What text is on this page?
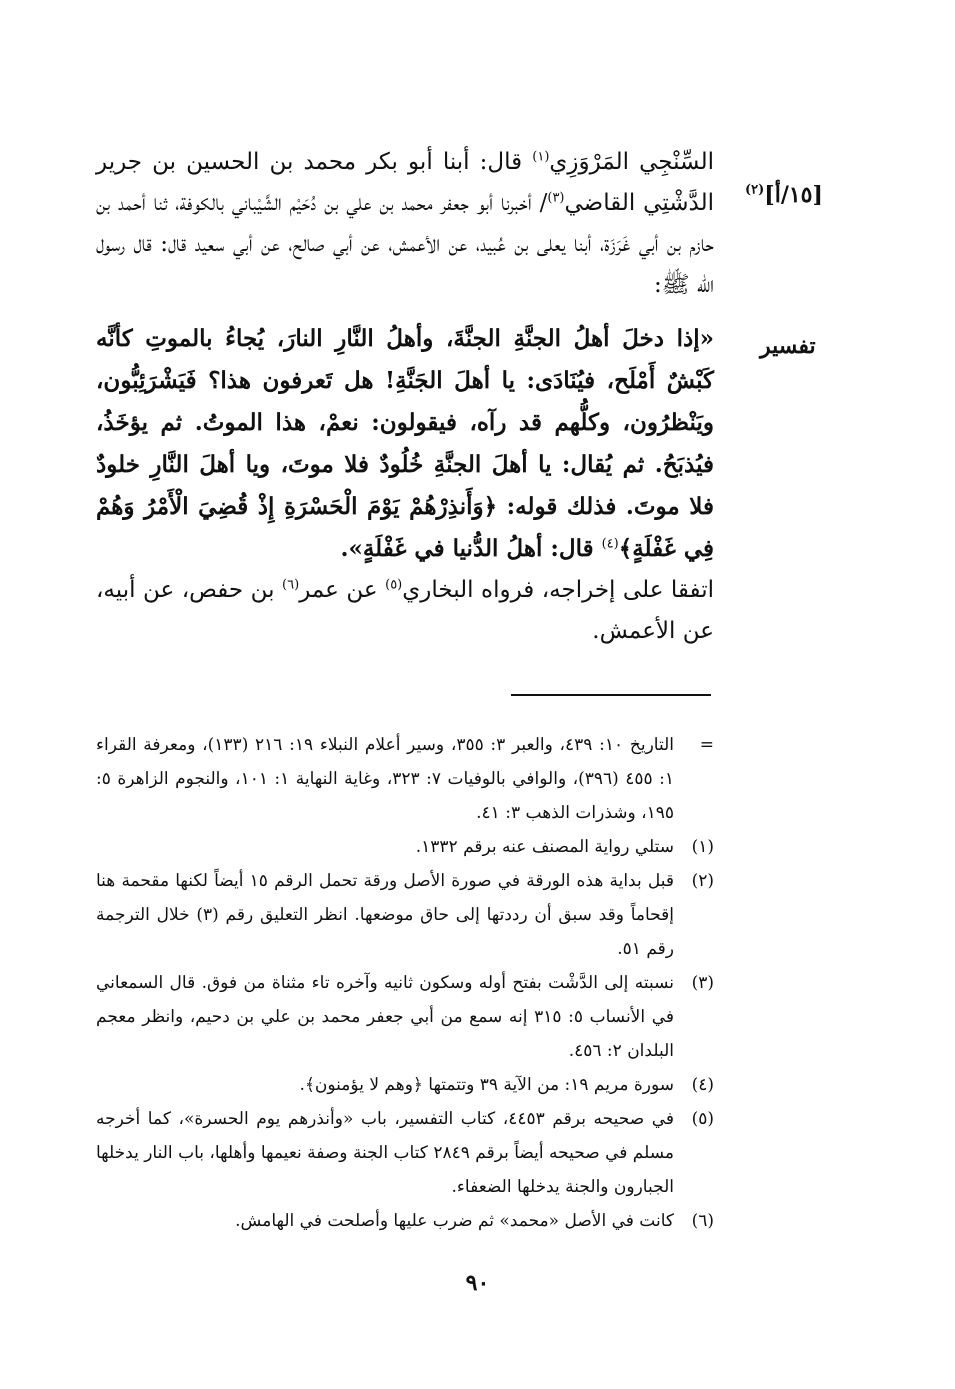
[١٥/أ]$^{(٢)}$
تفسير

السِّنْجِي المَرْوَزِي$^{(١)}$ قال: أبنا أبو بكر محمد بن الحسين بن جرير الدَّشْتِي القاضي$^{(٣)}$/ أخبرنا أبو جعفر محمد بن علي بن دُحَيْم الشَّيْباني بالكوفة، ثنا أحمد بن حازم بن أبي غَرَزَة، أبنا يعلى بن عُبيد، عن الأعمش، عن أبي صالح، عن أبي سعيد قال: قال رسول الله ﷺ:

«إذا دخلَ أهلُ الجنَّةِ الجنَّةَ، وأهلُ النَّارِ النارَ، يُجاءُ بالموتِ كأنَّه كَبْشٌ أَمْلَح، فيُنَادَى: يا أهلَ الجَنَّةِ! هل تَعرفون هذا؟ فَيَشْرَئِبُّون، ويَنْظرُون، وكلُّهم قد رآه، فيقولون: نعمْ، هذا الموتُ. ثم يؤخَذُ، فيُذبَحُ. ثم يُقال: يا أهلَ الجنَّةِ خُلُودٌ فلا موتَ، ويا أهلَ النَّارِ خلودٌ فلا موتَ. فذلك قوله: ﴿وَأَنذِرْهُمْ يَوْمَ الْحَسْرَةِ إِذْ قُضِيَ الْأَمْرُ وَهُمْ فِي غَفْلَةٍ﴾$^{(٤)}$ قال: أهلُ الدُّنيا في غَفْلَةٍ».

اتفقا على إخراجه، فرواه البخاري$^{(٥)}$ عن عمر$^{(٦)}$ بن حفص، عن أبيه، عن الأعمش.

=
التاريخ ١٠: ٤٣٩، والعبر ٣: ٣٥٥، وسير أعلام النبلاء ١٩: ٢١٦ (١٣٣)، ومعرفة القراء ١: ٤٥٥ (٣٩٦)، والوافي بالوفيات ٧: ٣٢٣، وغاية النهاية ١: ١٠١، والنجوم الزاهرة ٥: ١٩٥، وشذرات الذهب ٣: ٤١.

(١)
ستلي رواية المصنف عنه برقم ١٣٣٢.

(٢)
قبل بداية هذه الورقة في صورة الأصل ورقة تحمل الرقم ١٥ أيضاً لكنها مقحمة هنا إقحاماً وقد سبق أن رددتها إلى حاق موضعها. انظر التعليق رقم (٣) خلال الترجمة رقم ٥١.

(٣)
نسبته إلى الدَّشْت بفتح أوله وسكون ثانيه وآخره تاء مثناة من فوق. قال السمعاني في الأنساب ٥: ٣١٥ إنه سمع من أبي جعفر محمد بن علي بن دحيم، وانظر معجم البلدان ٢: ٤٥٦.

(٤)
سورة مريم ١٩: من الآية ٣٩ وتتمتها ﴿وهم لا يؤمنون﴾.

(٥)
في صحيحه برقم ٤٤٥٣، كتاب التفسير، باب «وأنذرهم يوم الحسرة»، كما أخرجه مسلم في صحيحه أيضاً برقم ٢٨٤٩ كتاب الجنة وصفة نعيمها وأهلها، باب النار يدخلها الجبارون والجنة يدخلها الضعفاء.

(٦)
كانت في الأصل «محمد» ثم ضرب عليها وأصلحت في الهامش.

٩٠
